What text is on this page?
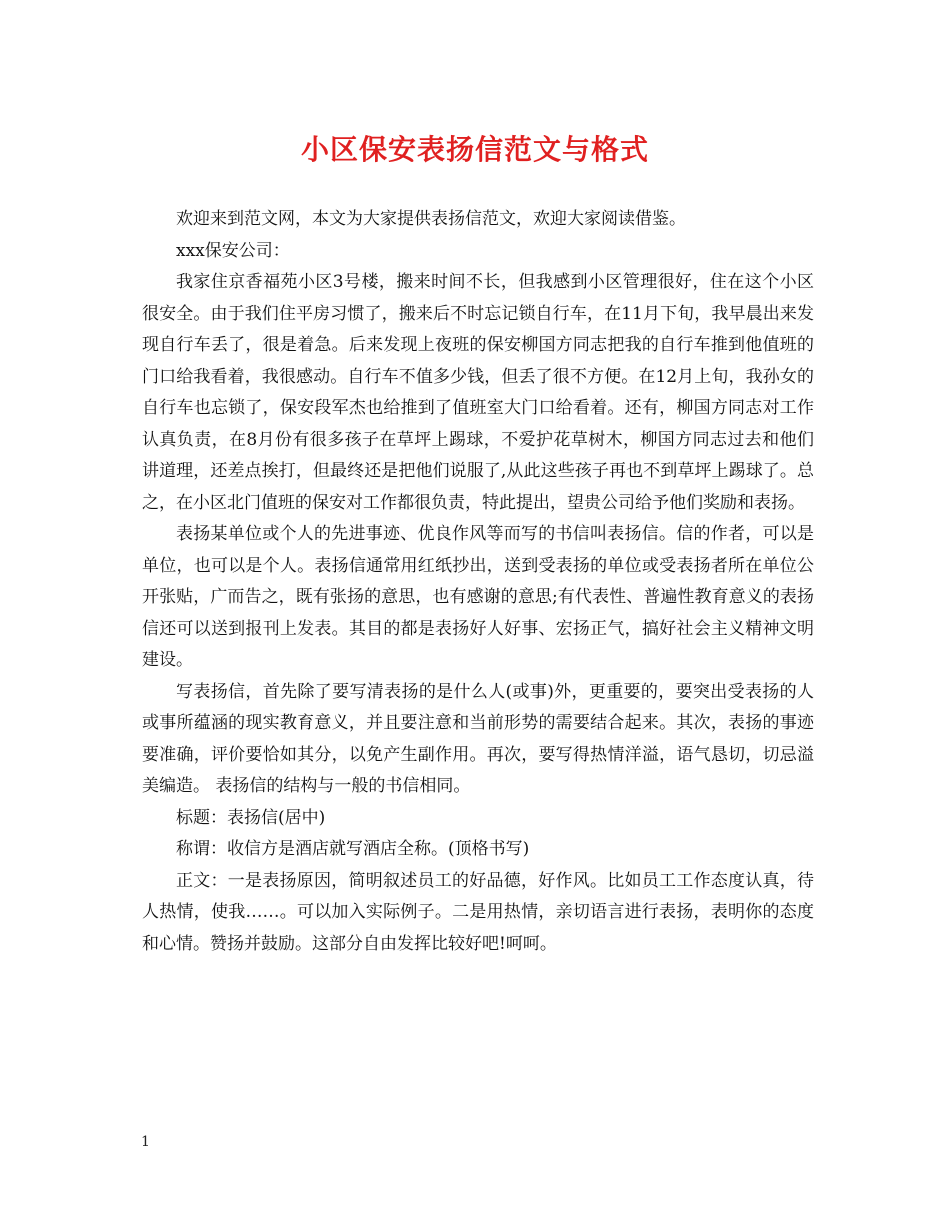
小区保安表扬信范文与格式

欢迎来到范文网，本文为大家提供表扬信范文，欢迎大家阅读借鉴。

xxx保安公司：

我家住京香福苑小区3号楼，搬来时间不长，但我感到小区管理很好，住在这个小区很安全。由于我们住平房习惯了，搬来后不时忘记锁自行车，在11月下旬，我早晨出来发现自行车丢了，很是着急。后来发现上夜班的保安柳国方同志把我的自行车推到他值班的门口给我看着，我很感动。自行车不值多少钱，但丢了很不方便。在12月上旬，我孙女的自行车也忘锁了，保安段军杰也给推到了值班室大门口给看着。还有，柳国方同志对工作认真负责，在8月份有很多孩子在草坪上踢球，不爱护花草树木，柳国方同志过去和他们讲道理，还差点挨打，但最终还是把他们说服了,从此这些孩子再也不到草坪上踢球了。总之，在小区北门值班的保安对工作都很负责，特此提出，望贵公司给予他们奖励和表扬。

表扬某单位或个人的先进事迹、优良作风等而写的书信叫表扬信。信的作者，可以是单位，也可以是个人。表扬信通常用红纸抄出，送到受表扬的单位或受表扬者所在单位公开张贴，广而告之，既有张扬的意思，也有感谢的意思;有代表性、普遍性教育意义的表扬信还可以送到报刊上发表。其目的都是表扬好人好事、宏扬正气，搞好社会主义精神文明建设。

写表扬信，首先除了要写清表扬的是什么人(或事)外，更重要的，要突出受表扬的人或事所蕴涵的现实教育意义，并且要注意和当前形势的需要结合起来。其次，表扬的事迹要准确，评价要恰如其分，以免产生副作用。再次，要写得热情洋溢，语气恳切，切忌溢美编造。 表扬信的结构与一般的书信相同。

标题：表扬信(居中)

称谓：收信方是酒店就写酒店全称。(顶格书写)

正文：一是表扬原因，简明叙述员工的好品德，好作风。比如员工工作态度认真，待人热情，使我……。可以加入实际例子。二是用热情，亲切语言进行表扬，表明你的态度和心情。赞扬并鼓励。这部分自由发挥比较好吧!呵呵。

1
